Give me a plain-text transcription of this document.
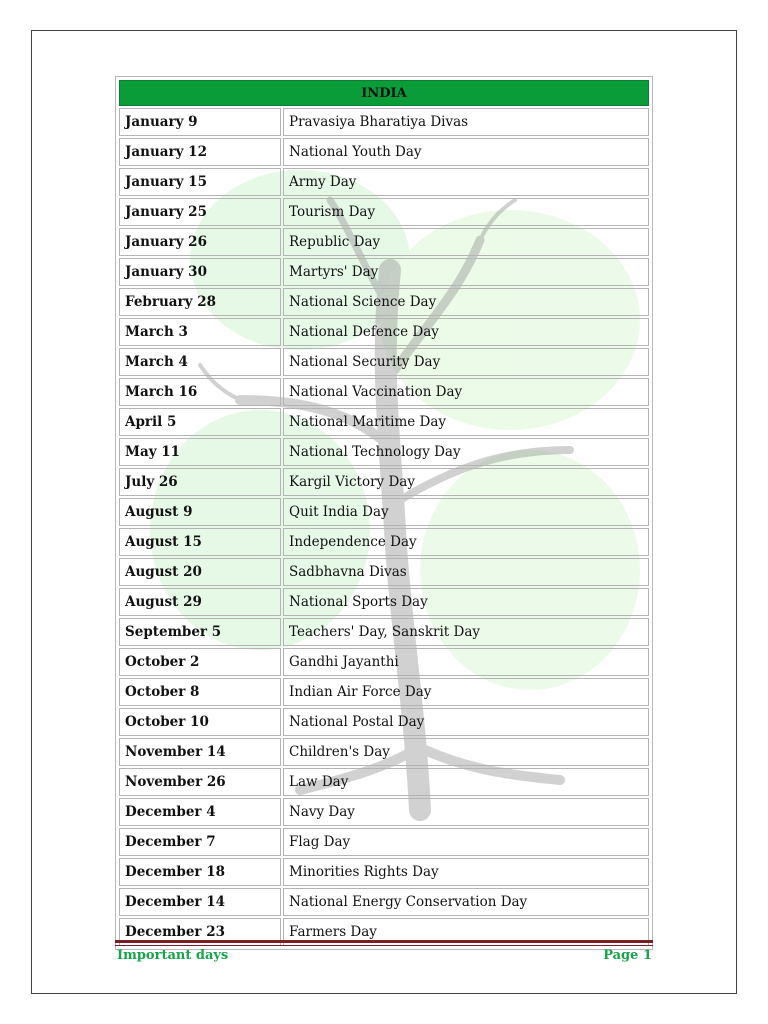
INDIA	
January 9	Pravasiya Bharatiya Divas
January 12	National Youth Day
January 15	Army Day
January 25	Tourism Day
January 26	Republic Day
January 30	Martyrs' Day
February 28	National Science Day
March 3	National Defence Day
March 4	National Security Day
March 16	National Vaccination Day
April 5	National Maritime Day
May 11	National Technology Day
July 26	Kargil Victory Day
August 9	Quit India Day
August 15	Independence Day
August 20	Sadbhavna Divas
August 29	National Sports Day
September 5	Teachers' Day, Sanskrit Day
October 2	Gandhi Jayanthi
October 8	Indian Air Force Day
October 10	National Postal Day
November 14	Children's Day
November 26	Law Day
December 4	Navy Day
December 7	Flag Day
December 18	Minorities Rights Day
December 14	National Energy Conservation Day
December 23	Farmers Day
Important days	Page 1
